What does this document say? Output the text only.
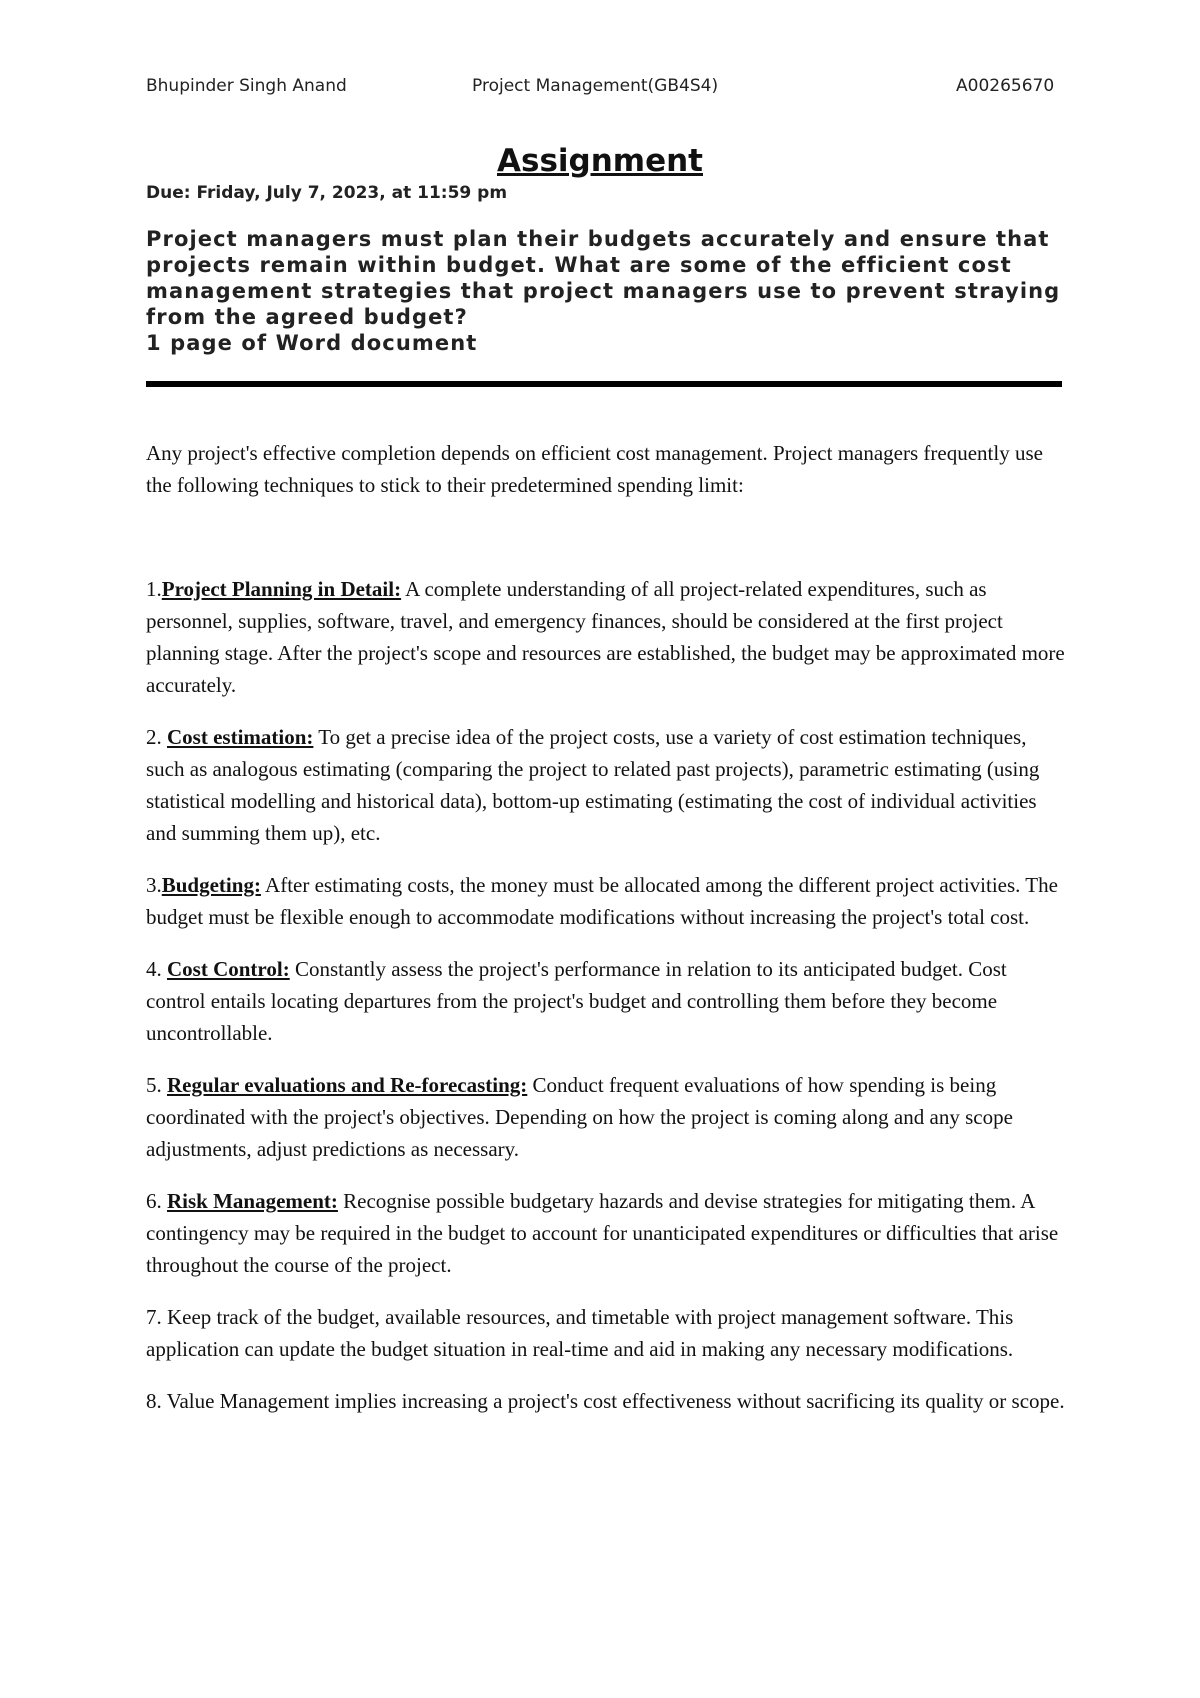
Bhupinder Singh Anand	Project Management(GB4S4)	A00265670
Assignment
Due: Friday, July 7, 2023, at 11:59 pm
Project managers must plan their budgets accurately and ensure that
projects remain within budget. What are some of the efficient cost
management strategies that project managers use to prevent straying
from the agreed budget?
1 page of Word document
Any project's effective completion depends on efficient cost management. Project managers frequently use the following techniques to stick to their predetermined spending limit:

1.Project Planning in Detail: A complete understanding of all project-related expenditures, such as personnel, supplies, software, travel, and emergency finances, should be considered at the first project planning stage. After the project's scope and resources are established, the budget may be approximated more accurately.

2. Cost estimation: To get a precise idea of the project costs, use a variety of cost estimation techniques, such as analogous estimating (comparing the project to related past projects), parametric estimating (using statistical modelling and historical data), bottom-up estimating (estimating the cost of individual activities and summing them up), etc.

3.Budgeting: After estimating costs, the money must be allocated among the different project activities. The budget must be flexible enough to accommodate modifications without increasing the project's total cost.

4. Cost Control: Constantly assess the project's performance in relation to its anticipated budget. Cost control entails locating departures from the project's budget and controlling them before they become uncontrollable.

5. Regular evaluations and Re-forecasting: Conduct frequent evaluations of how spending is being coordinated with the project's objectives. Depending on how the project is coming along and any scope adjustments, adjust predictions as necessary.

6. Risk Management: Recognise possible budgetary hazards and devise strategies for mitigating them. A contingency may be required in the budget to account for unanticipated expenditures or difficulties that arise throughout the course of the project.

7. Keep track of the budget, available resources, and timetable with project management software. This application can update the budget situation in real-time and aid in making any necessary modifications.

8. Value Management implies increasing a project's cost effectiveness without sacrificing its quality or scope.
